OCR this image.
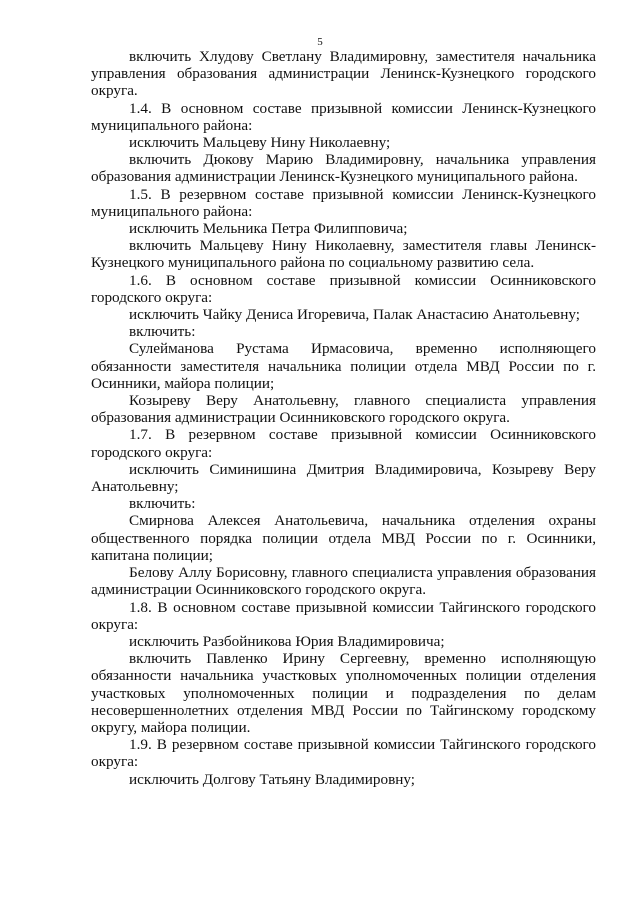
5

включить Хлудову Светлану Владимировну, заместителя начальника управления образования администрации Ленинск-Кузнецкого городского округа.

1.4. В основном составе призывной комиссии Ленинск-Кузнецкого муниципального района:

исключить Мальцеву Нину Николаевну;

включить Дюкову Марию Владимировну, начальника управления образования администрации Ленинск-Кузнецкого муниципального района.

1.5. В резервном составе призывной комиссии Ленинск-Кузнецкого муниципального района:

исключить Мельника Петра Филипповича;

включить Мальцеву Нину Николаевну, заместителя главы Ленинск-Кузнецкого муниципального района по социальному развитию села.

1.6. В основном составе призывной комиссии Осинниковского городского округа:

исключить Чайку Дениса Игоревича, Палак Анастасию Анатольевну;

включить:

Сулейманова Рустама Ирмасовича, временно исполняющего обязанности заместителя начальника полиции отдела МВД России по г. Осинники, майора полиции;

Козыреву Веру Анатольевну, главного специалиста управления образования администрации Осинниковского городского округа.

1.7. В резервном составе призывной комиссии Осинниковского городского округа:

исключить Симинишина Дмитрия Владимировича, Козыреву Веру Анатольевну;

включить:

Смирнова Алексея Анатольевича, начальника отделения охраны общественного порядка полиции отдела МВД России по г. Осинники, капитана полиции;

Белову Аллу Борисовну, главного специалиста управления образования администрации Осинниковского городского округа.

1.8. В основном составе призывной комиссии Тайгинского городского округа:

исключить Разбойникова Юрия Владимировича;

включить Павленко Ирину Сергеевну, временно исполняющую обязанности начальника участковых уполномоченных полиции отделения участковых уполномоченных полиции и подразделения по делам несовершеннолетних отделения МВД России по Тайгинскому городскому округу, майора полиции.

1.9. В резервном составе призывной комиссии Тайгинского городского округа:

исключить Долгову Татьяну Владимировну;
